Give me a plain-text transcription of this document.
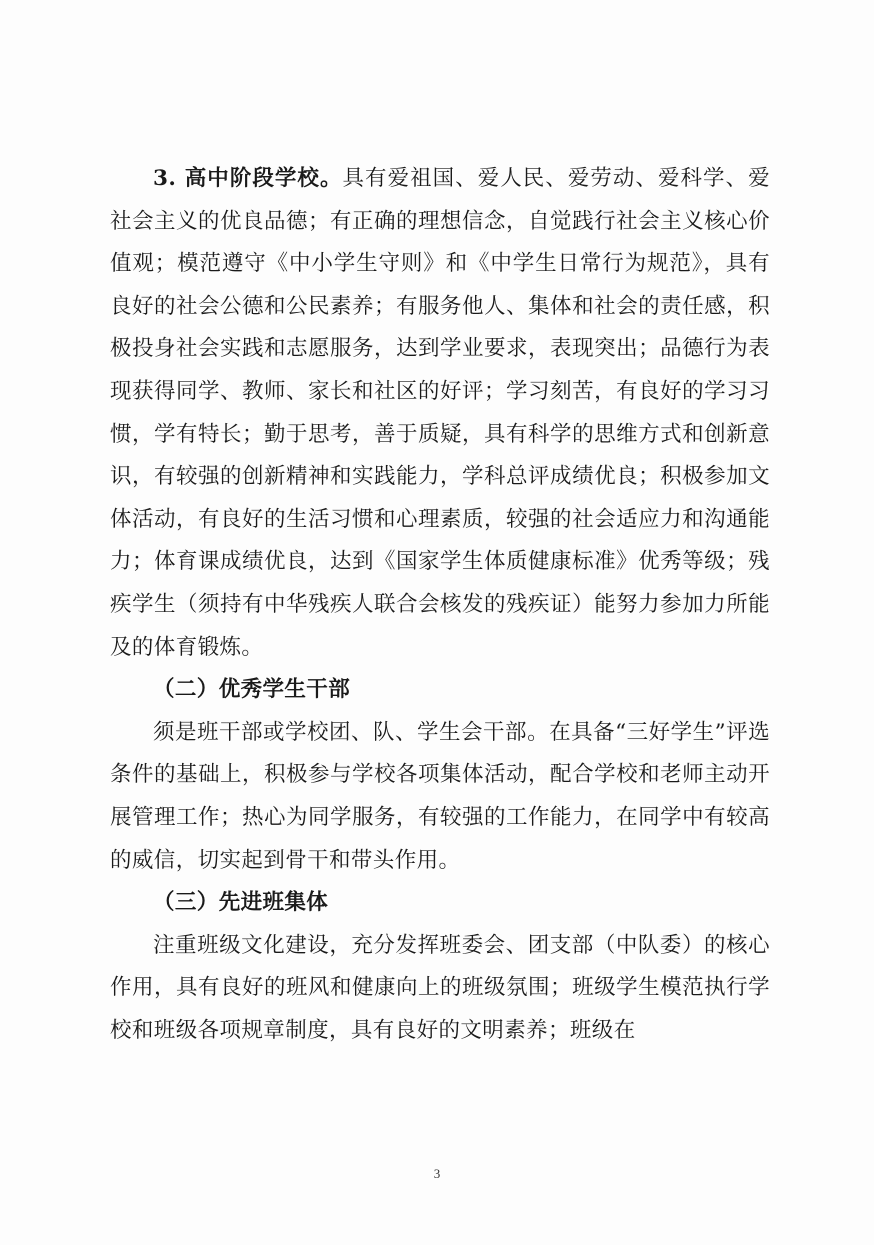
3. 高中阶段学校。具有爱祖国、爱人民、爱劳动、爱科学、爱社会主义的优良品德；有正确的理想信念，自觉践行社会主义核心价值观；模范遵守《中小学生守则》和《中学生日常行为规范》，具有良好的社会公德和公民素养；有服务他人、集体和社会的责任感，积极投身社会实践和志愿服务，达到学业要求，表现突出；品德行为表现获得同学、教师、家长和社区的好评；学习刻苦，有良好的学习习惯，学有特长；勤于思考，善于质疑，具有科学的思维方式和创新意识，有较强的创新精神和实践能力，学科总评成绩优良；积极参加文体活动，有良好的生活习惯和心理素质，较强的社会适应力和沟通能力；体育课成绩优良，达到《国家学生体质健康标准》优秀等级；残疾学生（须持有中华残疾人联合会核发的残疾证）能努力参加力所能及的体育锻炼。

（二）优秀学生干部

须是班干部或学校团、队、学生会干部。在具备“三好学生”评选条件的基础上，积极参与学校各项集体活动，配合学校和老师主动开展管理工作；热心为同学服务，有较强的工作能力，在同学中有较高的威信，切实起到骨干和带头作用。

（三）先进班集体

注重班级文化建设，充分发挥班委会、团支部（中队委）的核心作用，具有良好的班风和健康向上的班级氛围；班级学生模范执行学校和班级各项规章制度，具有良好的文明素养；班级在

3
